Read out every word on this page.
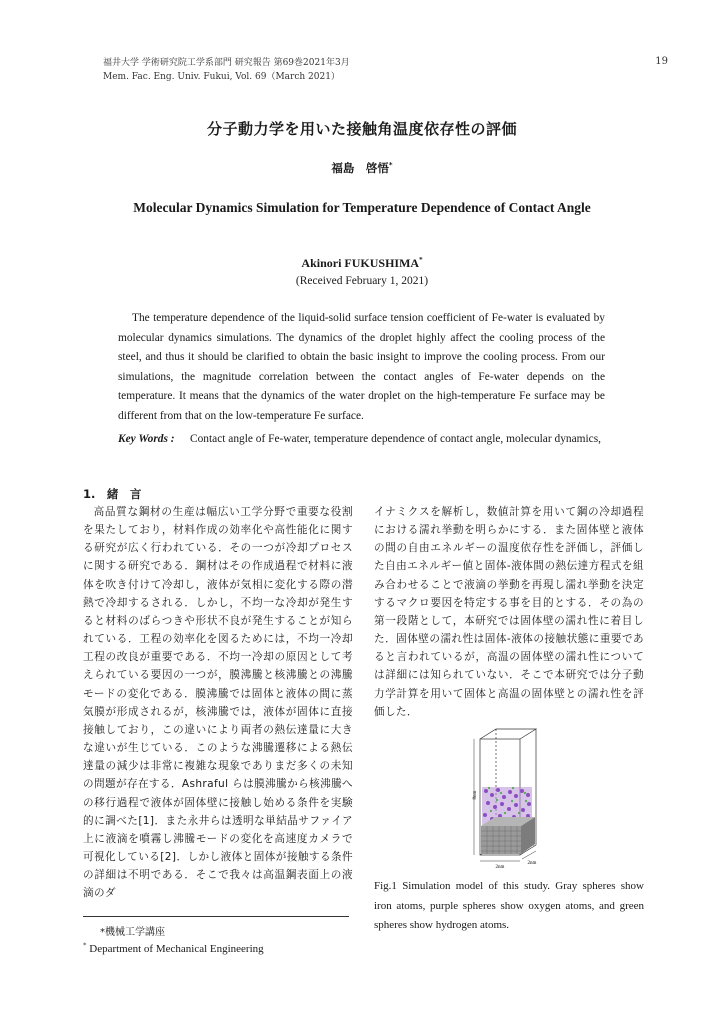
福井大学 学術研究院工学系部門 研究報告 第69巻2021年3月
Mem. Fac. Eng. Univ. Fukui, Vol. 69（March 2021）
19
分子動力学を用いた接触角温度依存性の評価
福島　啓悟*
Molecular Dynamics Simulation for Temperature Dependence of Contact Angle
Akinori FUKUSHIMA*
(Received February 1, 2021)
The temperature dependence of the liquid-solid surface tension coefficient of Fe-water is evaluated by molecular dynamics simulations. The dynamics of the droplet highly affect the cooling process of the steel, and thus it should be clarified to obtain the basic insight to improve the cooling process. From our simulations, the magnitude correlation between the contact angles of Fe-water depends on the temperature. It means that the dynamics of the water droplet on the high-temperature Fe surface may be different from that on the low-temperature Fe surface.
Key Words :	Contact angle of Fe-water, temperature dependence of contact angle, molecular dynamics,
1.　緒　言
高品質な鋼材の生産は幅広い工学分野で重要な役割を果たしており，材料作成の効率化や高性能化に関する研究が広く行われている．その一つが冷却プロセスに関する研究である．鋼材はその作成過程で材料に液体を吹き付けて冷却し，液体が気相に変化する際の潜熱で冷却するされる．しかし，不均一な冷却が発生すると材料のばらつきや形状不良が発生することが知られている．工程の効率化を図るためには，不均一冷却工程の改良が重要である．不均一冷却の原因として考えられている要因の一つが，膜沸騰と核沸騰との沸騰モードの変化である．膜沸騰では固体と液体の間に蒸気膜が形成されるが，核沸騰では，液体が固体に直接接触しており，この違いにより両者の熱伝達量に大きな違いが生じている．このような沸騰遷移による熱伝達量の減少は非常に複雑な現象でありまだ多くの未知の問題が存在する．Ashraful らは膜沸騰から核沸騰への移行過程で液体が固体壁に接触し始める条件を実験的に調べた[1]．また永井らは透明な単結晶サファイア上に液滴を噴霧し沸騰モードの変化を高速度カメラで可視化している[2]．しかし液体と固体が接触する条件の詳細は不明である．そこで我々は高温鋼表面上の液滴のダ
イナミクスを解析し，数値計算を用いて鋼の冷却過程における濡れ挙動を明らかにする．また固体壁と液体の間の自由エネルギーの温度依存性を評価し，評価した自由エネルギー値と固体-液体間の熱伝達方程式を組み合わせることで液滴の挙動を再現し濡れ挙動を決定するマクロ要因を特定する事を目的とする．その為の第一段階として，本研究では固体壁の濡れ性に着目した．固体壁の濡れ性は固体-液体の接触状態に重要であると言われているが，高温の固体壁の濡れ性については詳細には知られていない．そこで本研究では分子動力学計算を用いて固体と高温の固体壁との濡れ性を評価した．
8nm
2nm
2nm
Fig.1 Simulation model of this study. Gray spheres show iron atoms, purple spheres show oxygen atoms, and green spheres show hydrogen atoms.
*機械工学講座
* Department of Mechanical Engineering
